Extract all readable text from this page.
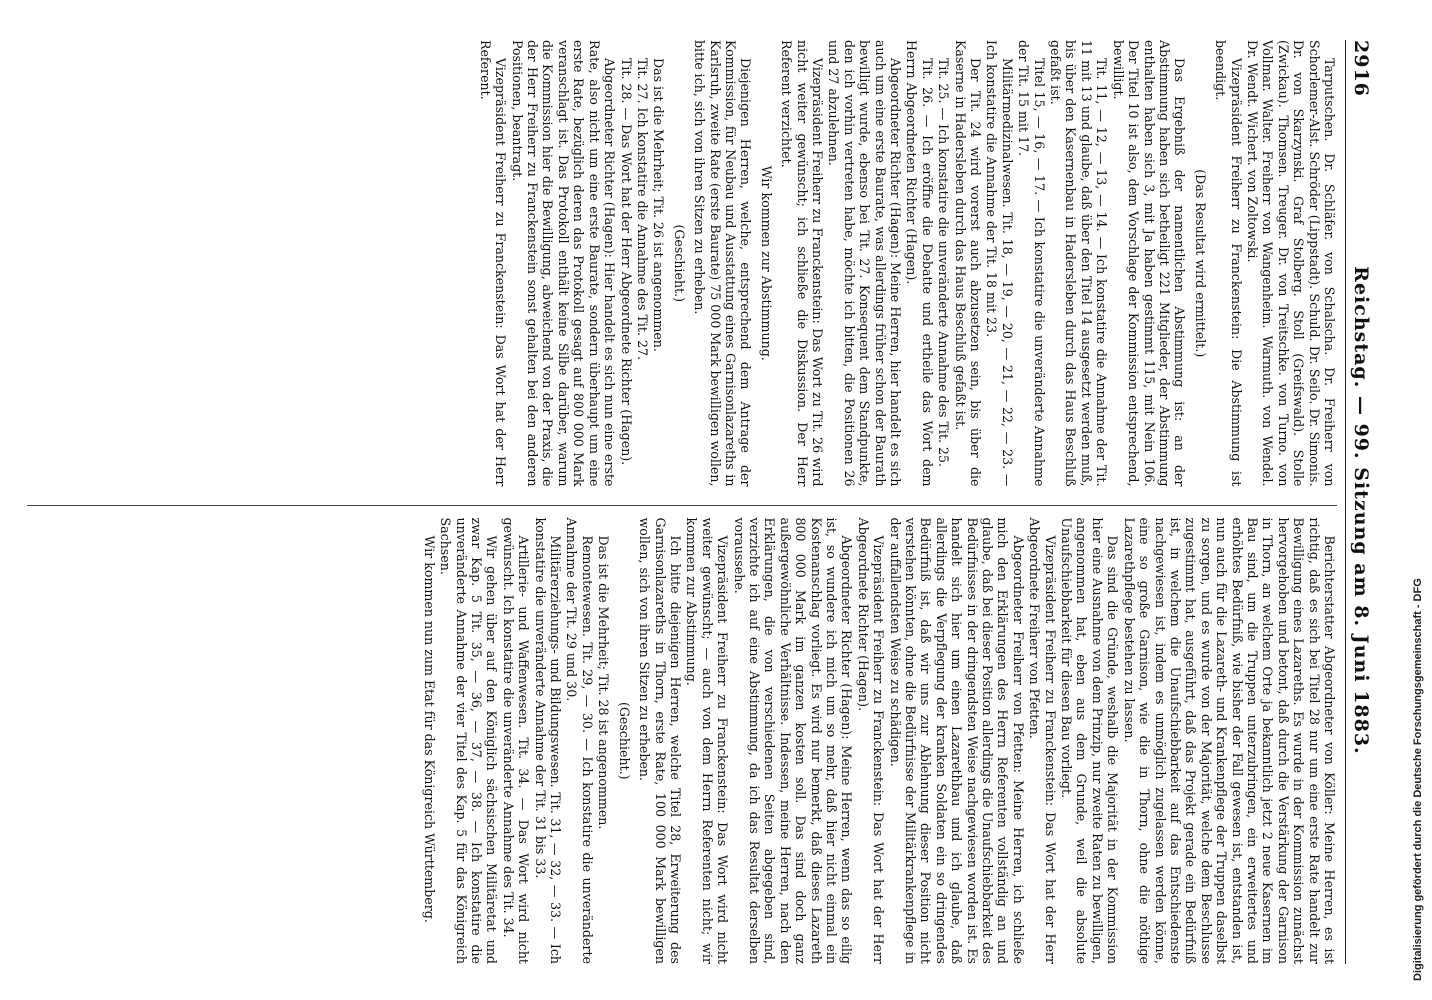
2916
Reichstag. — 99. Sitzung am 8. Juni 1883.

Tarputschen. Dr. Schläfer. von Schalscha. Dr. Freiherr von Schorlemer-Alst. Schröder (Lippstadt). Schuld. Dr. Seilo. Dr. Simonis. Dr. von Skarzynski. Graf Stolberg. Stoll (Greifswald). Stolle (Zwickau). Thomsen. Treuger. Dr. von Treitschke. von Turno. von Vollmar. Walter. Freiherr von Wangenheim. Warmuth. von Wendel. Dr. Wendt. Wichert. von Zoltowski.

Vizepräsident Freiherr zu Franckenstein: Die Abstimmung ist beendigt.

(Das Resultat wird ermittelt.)

Das Ergebniß der namentlichen Abstimmung ist: an der Abstimmung haben sich betheiligt 221 Mitglieder, der Abstimmung enthalten haben sich 3, mit Ja haben gestimmt 115, mit Nein 106. Der Titel 10 ist also, dem Vorschlage der Kommission entsprechend, bewilligt.

Tit. 11, — 12, — 13, — 14. — Ich konstatire die Annahme der Tit. 11 mit 13 und glaube, daß über den Titel 14 ausgesetzt werden muß, bis über den Kasernenbau in Hadersleben durch das Haus Beschluß gefaßt ist.

Titel 15, — 16, — 17. — Ich konstatire die unveränderte Annahme der Tit. 15 mit 17.

Militärmedizinalwesen. Tit. 18, — 19, — 20, — 21, — 22, — 23. — Ich konstatire die Annahme der Tit. 18 mit 23.

Der Tit. 24 wird vorerst auch abzusetzen sein, bis über die Kaserne in Hadersleben durch das Haus Beschluß gefaßt ist.

Tit. 25. — Ich konstatire die unveränderte Annahme des Tit. 25.

Tit. 26. — Ich eröffne die Debatte und ertheile das Wort dem Herrn Abgeordneten Richter (Hagen).

Abgeordneter Richter (Hagen): Meine Herren, hier handelt es sich auch um eine erste Baurate, was allerdings früher schon der Baurath bewilligt wurde, ebenso bei Tit. 27. Konsequent dem Standpunkte, den ich vorhin vertreten habe, möchte ich bitten, die Positionen 26 und 27 abzulehnen.

Vizepräsident Freiherr zu Franckenstein: Das Wort zu Tit. 26 wird nicht weiter gewünscht; ich schließe die Diskussion. Der Herr Referent verzichtet.

Wir kommen zur Abstimmung.

Diejenigen Herren, welche, entsprechend dem Antrage der Kommission, für Neubau und Ausstattung eines Garnisonlazareths in Karlsruh, zweite Rate (erste Baurate) 75 000 Mark bewilligen wollen, bitte ich, sich von ihren Sitzen zu erheben.

(Geschieht.)

Das ist die Mehrheit; Tit. 26 ist angenommen.

Tit. 27. Ich konstatire die Annahme des Tit. 27.

Tit. 28. — Das Wort hat der Herr Abgeordnete Richter (Hagen).

Abgeordneter Richter (Hagen): Hier handelt es sich nun eine erste Rate, also nicht um eine erste Baurate, sondern überhaupt um eine erste Rate, bezüglich deren das Protokoll gesagt auf 800 000 Mark veranschlagt ist. Das Protokoll enthält keine Silbe darüber, warum die Kommission hier die Bewilligung, abweichend von der Praxis, die der Herr Freiherr zu Franckenstein sonst gehalten bei den anderen Positionen, beantragt.

Vizepräsident Freiherr zu Franckenstein: Das Wort hat der Herr Referent.

Berichterstatter Abgeordneter von Köller: Meine Herren, es ist richtig, daß es sich bei Titel 28 nur um eine erste Rate handelt zur Bewilligung eines Lazareths. Es wurde in der Kommission zunächst hervorgehoben und betont, daß durch die Verstärkung der Garnison in Thorn, an welchem Orte ja bekanntlich jetzt 2 neue Kasernen im Bau sind, um die Truppen unterzubringen, ein erweitertes und erhöhtes Bedürfniß, wie bisher der Fall gewesen ist, entstanden ist, nun auch für die Lazareth- und Krankenpflege der Truppen daselbst zu sorgen, und es wurde von der Majorität, welche dem Beschlusse zugestimmt hat, ausgeführt, daß das Projekt gerade ein Bedürfniß ist, in welchem die Unaufschiebbarkeit auf das Entschiedenste nachgewiesen ist, indem es unmöglich zugelassen werden könne, eine so große Garnison, wie die in Thorn, ohne die nöthige Lazarethpflege bestehen zu lassen.

Das sind die Gründe, weshalb die Majorität in der Kommission hier eine Ausnahme von dem Prinzip, nur zweite Raten zu bewilligen, angenommen hat, eben aus dem Grunde, weil die absolute Unaufschiebbarkeit für diesen Bau vorliegt.

Vizepräsident Freiherr zu Franckenstein: Das Wort hat der Herr Abgeordnete Freiherr von Pfetten.

Abgeordneter Freiherr von Pfetten: Meine Herren, ich schließe mich den Erklärungen des Herrn Referenten vollständig an und glaube, daß bei dieser Position allerdings die Unaufschiebbarkeit des Bedürfnisses in der dringendsten Weise nachgewiesen worden ist. Es handelt sich hier um einen Lazarethbau und ich glaube, daß allerdings die Verpflegung der kranken Soldaten ein so dringendes Bedürfniß ist, daß wir uns zur Ablehnung dieser Position nicht verstehen könnten, ohne die Bedürfnisse der Militärkrankenpflege in der auffallendsten Weise zu schädigen.

Vizepräsident Freiherr zu Franckenstein: Das Wort hat der Herr Abgeordnete Richter (Hagen).

Abgeordneter Richter (Hagen): Meine Herren, wenn das so eilig ist, so wundere ich mich um so mehr, daß hier nicht einmal ein Kostenanschlag vorliegt. Es wird nur bemerkt, daß dieses Lazareth 800 000 Mark im ganzen kosten soll. Das sind doch ganz außergewöhnliche Verhältnisse. Indessen, meine Herren, nach den Erklärungen, die von verschiedenen Seiten abgegeben sind, verzichte ich auf eine Abstimmung, da ich das Resultat derselben voraussehe.

Vizepräsident Freiherr zu Franckenstein: Das Wort wird nicht weiter gewünscht; — auch von dem Herrn Referenten nicht; wir kommen zur Abstimmung.

Ich bitte diejenigen Herren, welche Titel 28, Erweiterung des Garnisonlazareths in Thorn, erste Rate, 100 000 Mark bewilligen wollen, sich von ihren Sitzen zu erheben.

(Geschieht.)

Das ist die Mehrheit; Tit. 28 ist angenommen.

Remontewesen. Tit. 29, — 30. — Ich konstatire die unveränderte Annahme der Tit. 29 und 30.

Militärerziehungs- und Bildungswesen. Tit. 31, — 32, — 33. — Ich konstatire die unveränderte Annahme der Tit. 31 bis 33.

Artillerie- und Waffenwesen. Tit. 34. — Das Wort wird nicht gewünscht. Ich konstatire die unveränderte Annahme des Tit. 34.

Wir gehen über auf den Königlich sächsischen Militäretat und zwar Kap. 5 Tit. 35, — 36, — 37, — 38. — Ich konstatire die unveränderte Annahme der vier Titel des Kap. 5 für das Königreich Sachsen.

Wir kommen nun zum Etat für das Königreich Württemberg.	Digitalisierung gefördert durch die Deutsche Forschungsgemeinschaft - DFG
